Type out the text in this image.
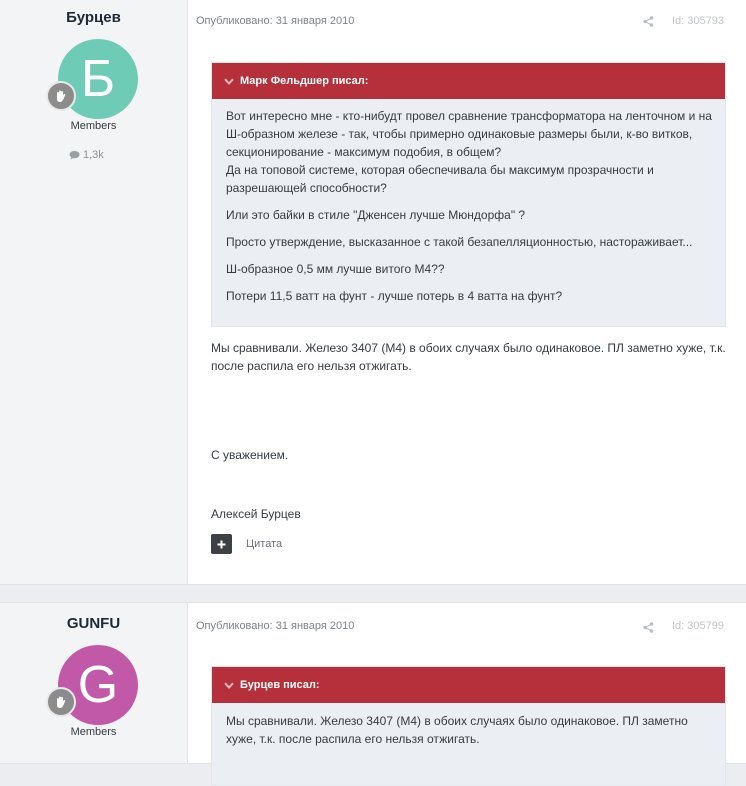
Бурцев
Б
Members
1,3k
Опубликовано: 31 января 2010	Id: 305793
Марк Фельдшер писал:

Вот интересно мне - кто-нибудт провел сравнение трансформатора на ленточном и на Ш-образном железе - так, чтобы примерно одинаковые размеры были, к-во витков, секционирование - максимум подобия, в общем?
Да на топовой системе, которая обеспечивала бы максимум прозрачности и разрешающей способности?

Или это байки в стиле "Дженсен лучше Мюндорфа" ?

Просто утверждение, высказанное с такой безапелляционностью, настораживает...

Ш-образное 0,5 мм лучше витого М4??

Потери 11,5 ватт на фунт - лучше потерь в 4 ватта на фунт?

Мы сравнивали. Железо 3407 (М4) в обоих случаях было одинаковое. ПЛ заметно хуже, т.к. после распила его нельзя отжигать.

С уважением.

Алексей Бурцев

Цитата
GUNFU
G
Members
Опубликовано: 31 января 2010	Id: 305799
Бурцев писал:

Мы сравнивали. Железо 3407 (М4) в обоих случаях было одинаковое. ПЛ заметно хуже, т.к. после распила его нельзя отжигать.
